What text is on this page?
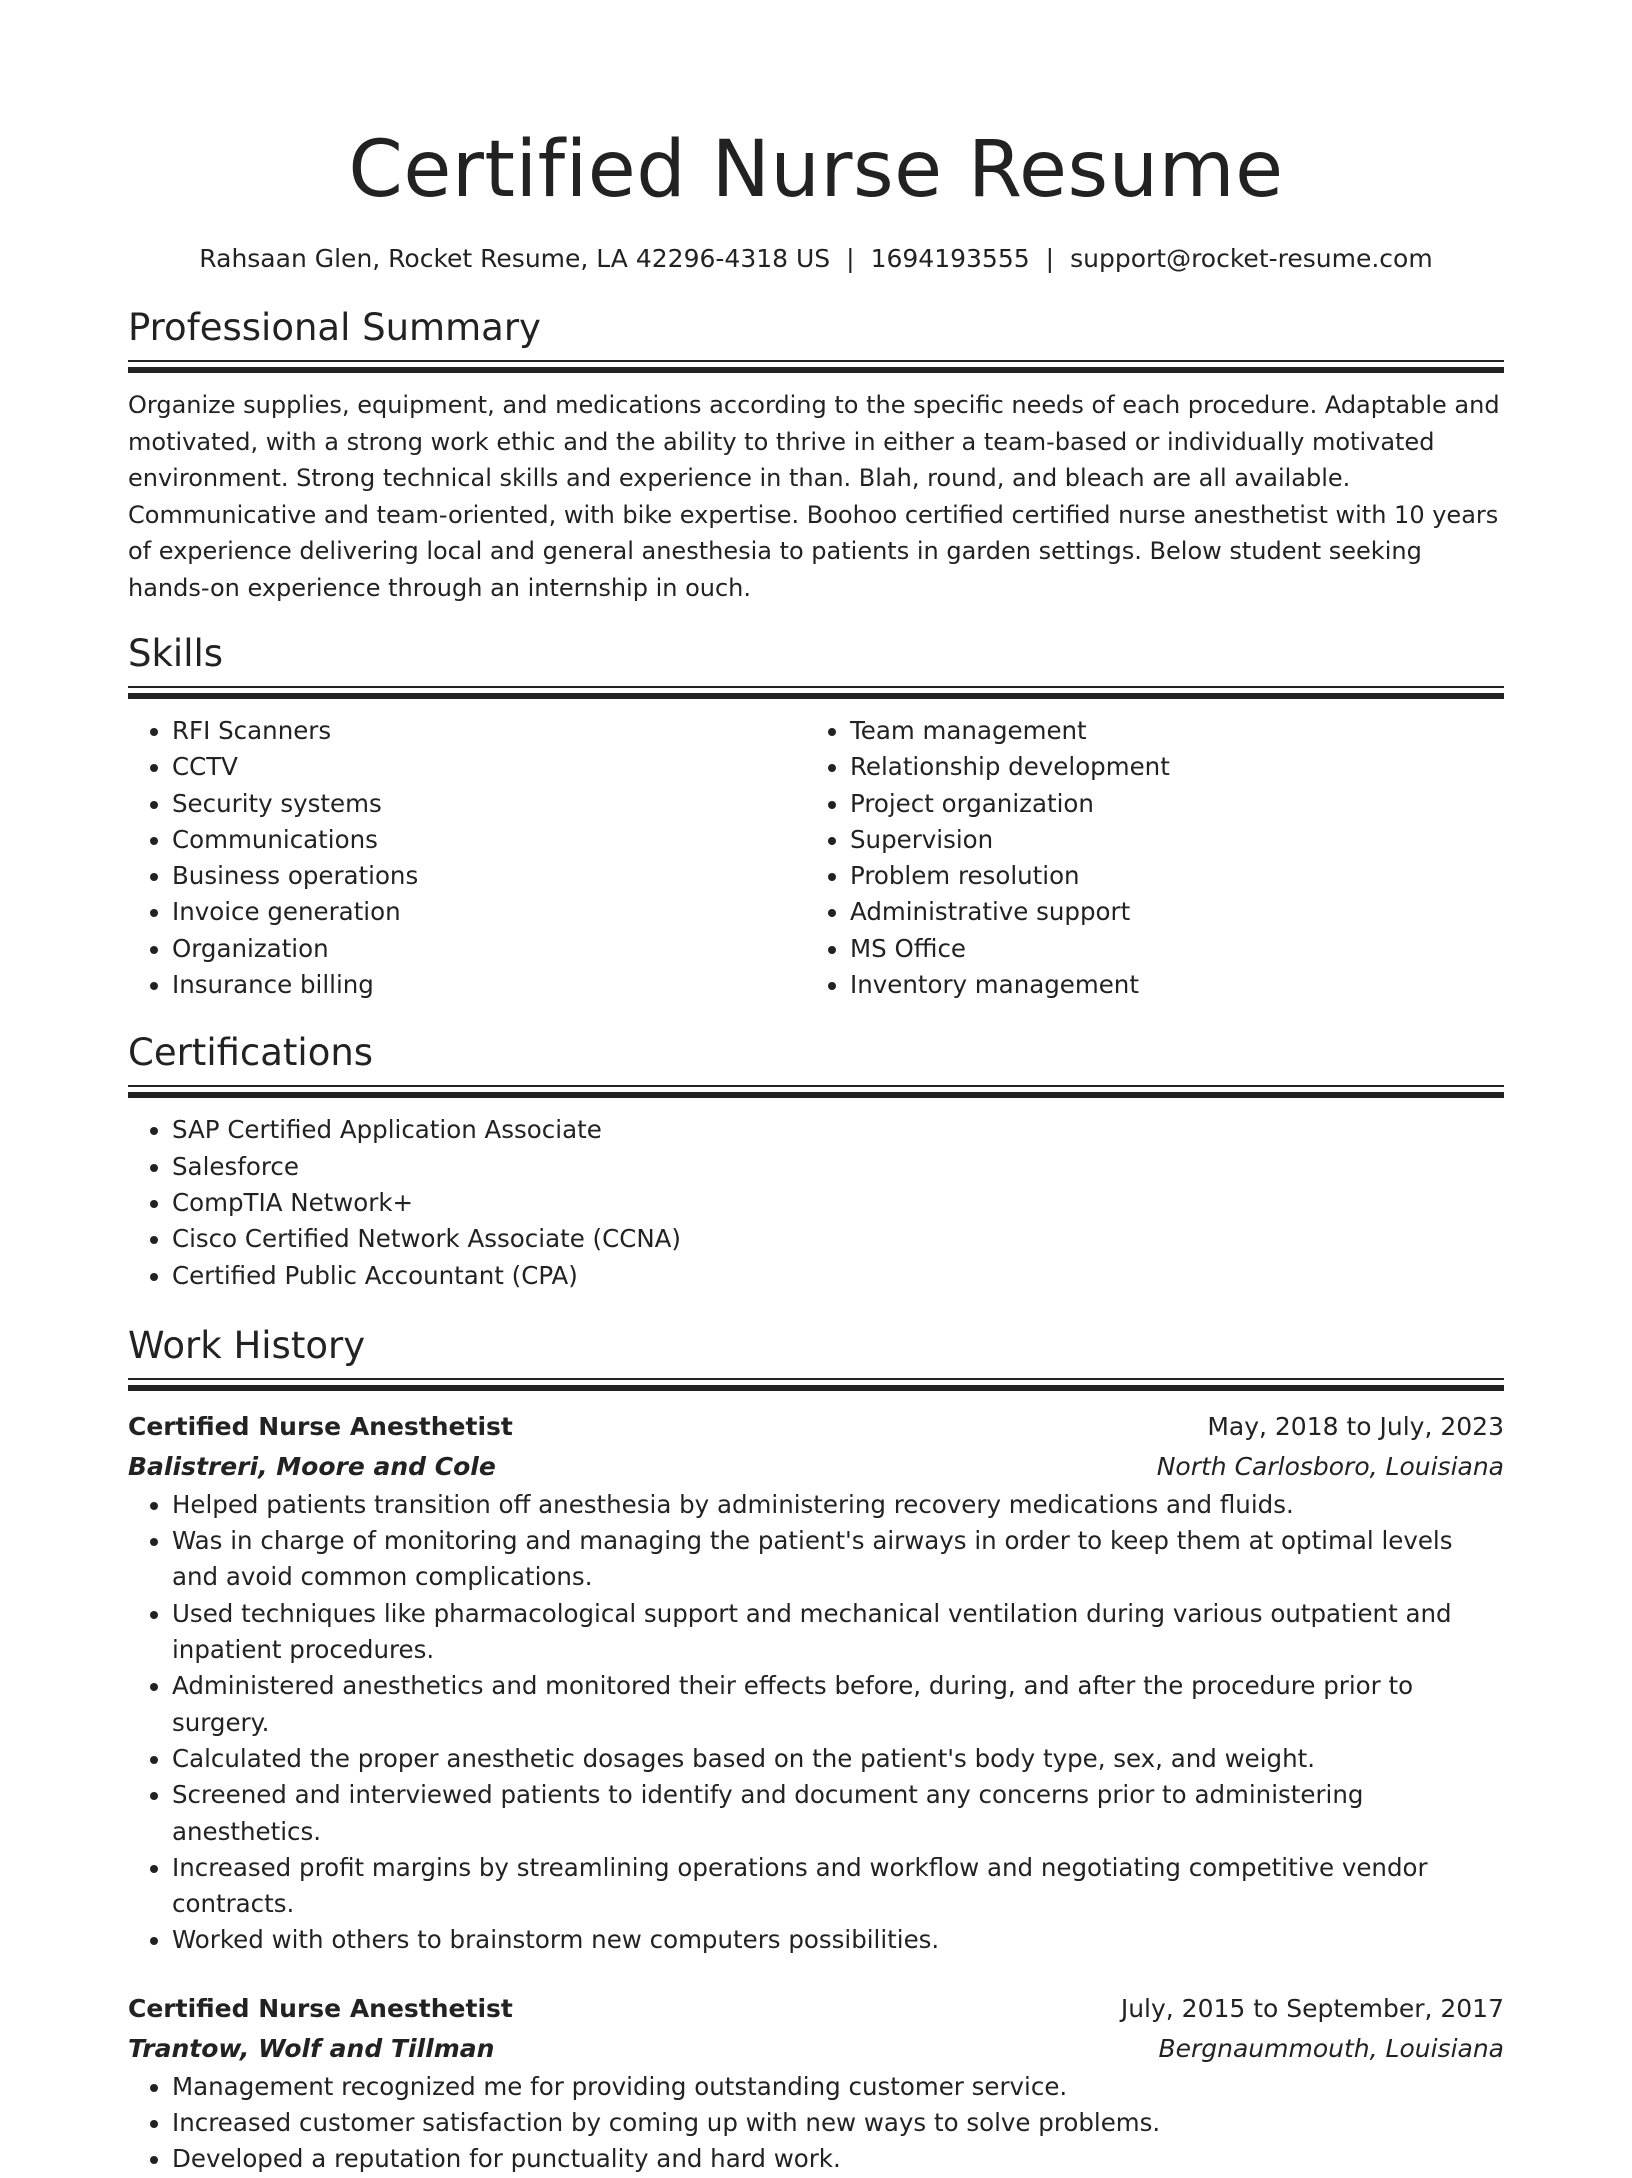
Certified Nurse Resume
Rahsaan Glen, Rocket Resume, LA 42296-4318 US | 1694193555 | support@rocket-resume.com
Professional Summary

Organize supplies, equipment, and medications according to the specific needs of each procedure. Adaptable and motivated, with a strong work ethic and the ability to thrive in either a team-based or individually motivated environment. Strong technical skills and experience in than. Blah, round, and bleach are all available. Communicative and team-oriented, with bike expertise. Boohoo certified certified nurse anesthetist with 10 years of experience delivering local and general anesthesia to patients in garden settings. Below student seeking hands-on experience through an internship in ouch.

Skills
• RFI Scanners
• CCTV
• Security systems
• Communications
• Business operations
• Invoice generation
• Organization
• Insurance billing
• Team management
• Relationship development
• Project organization
• Supervision
• Problem resolution
• Administrative support
• MS Office
• Inventory management
Certifications
• SAP Certified Application Associate
• Salesforce
• CompTIA Network+
• Cisco Certified Network Associate (CCNA)
• Certified Public Accountant (CPA)
Work History
Certified Nurse Anesthetist	May, 2018 to July, 2023
Balistreri, Moore and Cole	North Carlosboro, Louisiana
• Helped patients transition off anesthesia by administering recovery medications and fluids.
• Was in charge of monitoring and managing the patient's airways in order to keep them at optimal levels and avoid common complications.
• Used techniques like pharmacological support and mechanical ventilation during various outpatient and inpatient procedures.
• Administered anesthetics and monitored their effects before, during, and after the procedure prior to surgery.
• Calculated the proper anesthetic dosages based on the patient's body type, sex, and weight.
• Screened and interviewed patients to identify and document any concerns prior to administering anesthetics.
• Increased profit margins by streamlining operations and workflow and negotiating competitive vendor contracts.
• Worked with others to brainstorm new computers possibilities.
Certified Nurse Anesthetist	July, 2015 to September, 2017
Trantow, Wolf and Tillman	Bergnaummouth, Louisiana
• Management recognized me for providing outstanding customer service.
• Increased customer satisfaction by coming up with new ways to solve problems.
• Developed a reputation for punctuality and hard work.
